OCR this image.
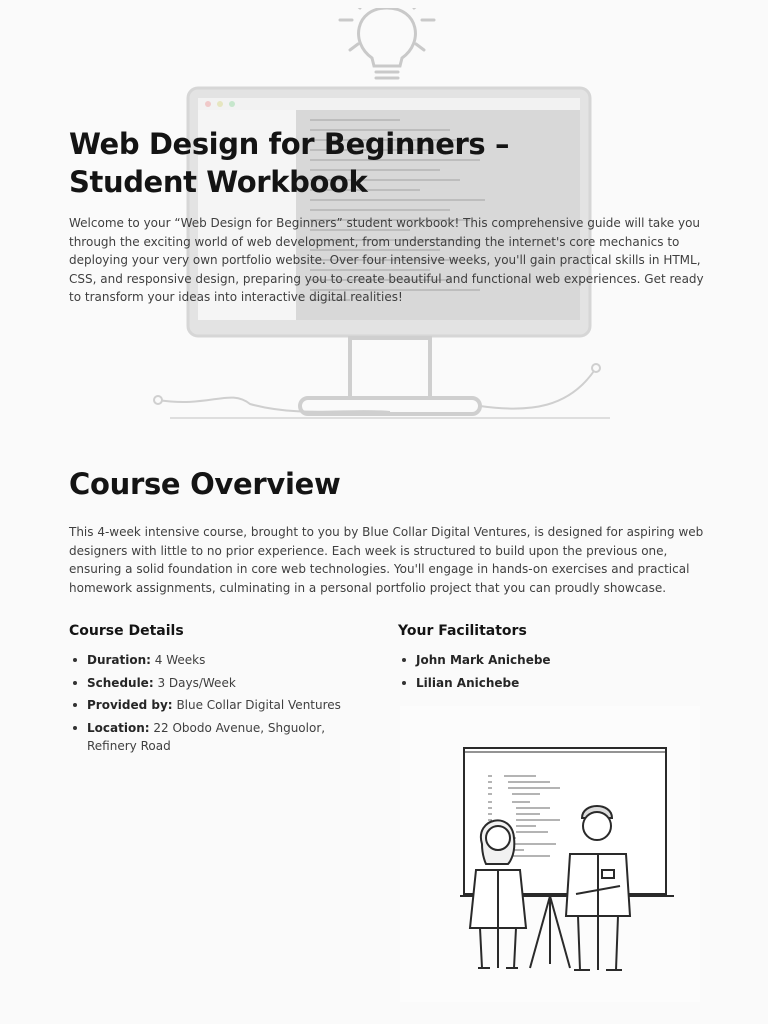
Web Design for Beginners – Student Workbook

Welcome to your “Web Design for Beginners” student workbook! This comprehensive guide will take you through the exciting world of web development, from understanding the internet's core mechanics to deploying your very own portfolio website. Over four intensive weeks, you'll gain practical skills in HTML, CSS, and responsive design, preparing you to create beautiful and functional web experiences. Get ready to transform your ideas into interactive digital realities!

Course Overview

This 4-week intensive course, brought to you by Blue Collar Digital Ventures, is designed for aspiring web designers with little to no prior experience. Each week is structured to build upon the previous one, ensuring a solid foundation in core web technologies. You'll engage in hands-on exercises and practical homework assignments, culminating in a personal portfolio project that you can proudly showcase.

Course Details
Duration: 4 Weeks
Schedule: 3 Days/Week
Provided by: Blue Collar Digital Ventures
Location: 22 Obodo Avenue, Shguolor, Refinery Road
Your Facilitators
John Mark Anichebe
Lilian Anichebe
